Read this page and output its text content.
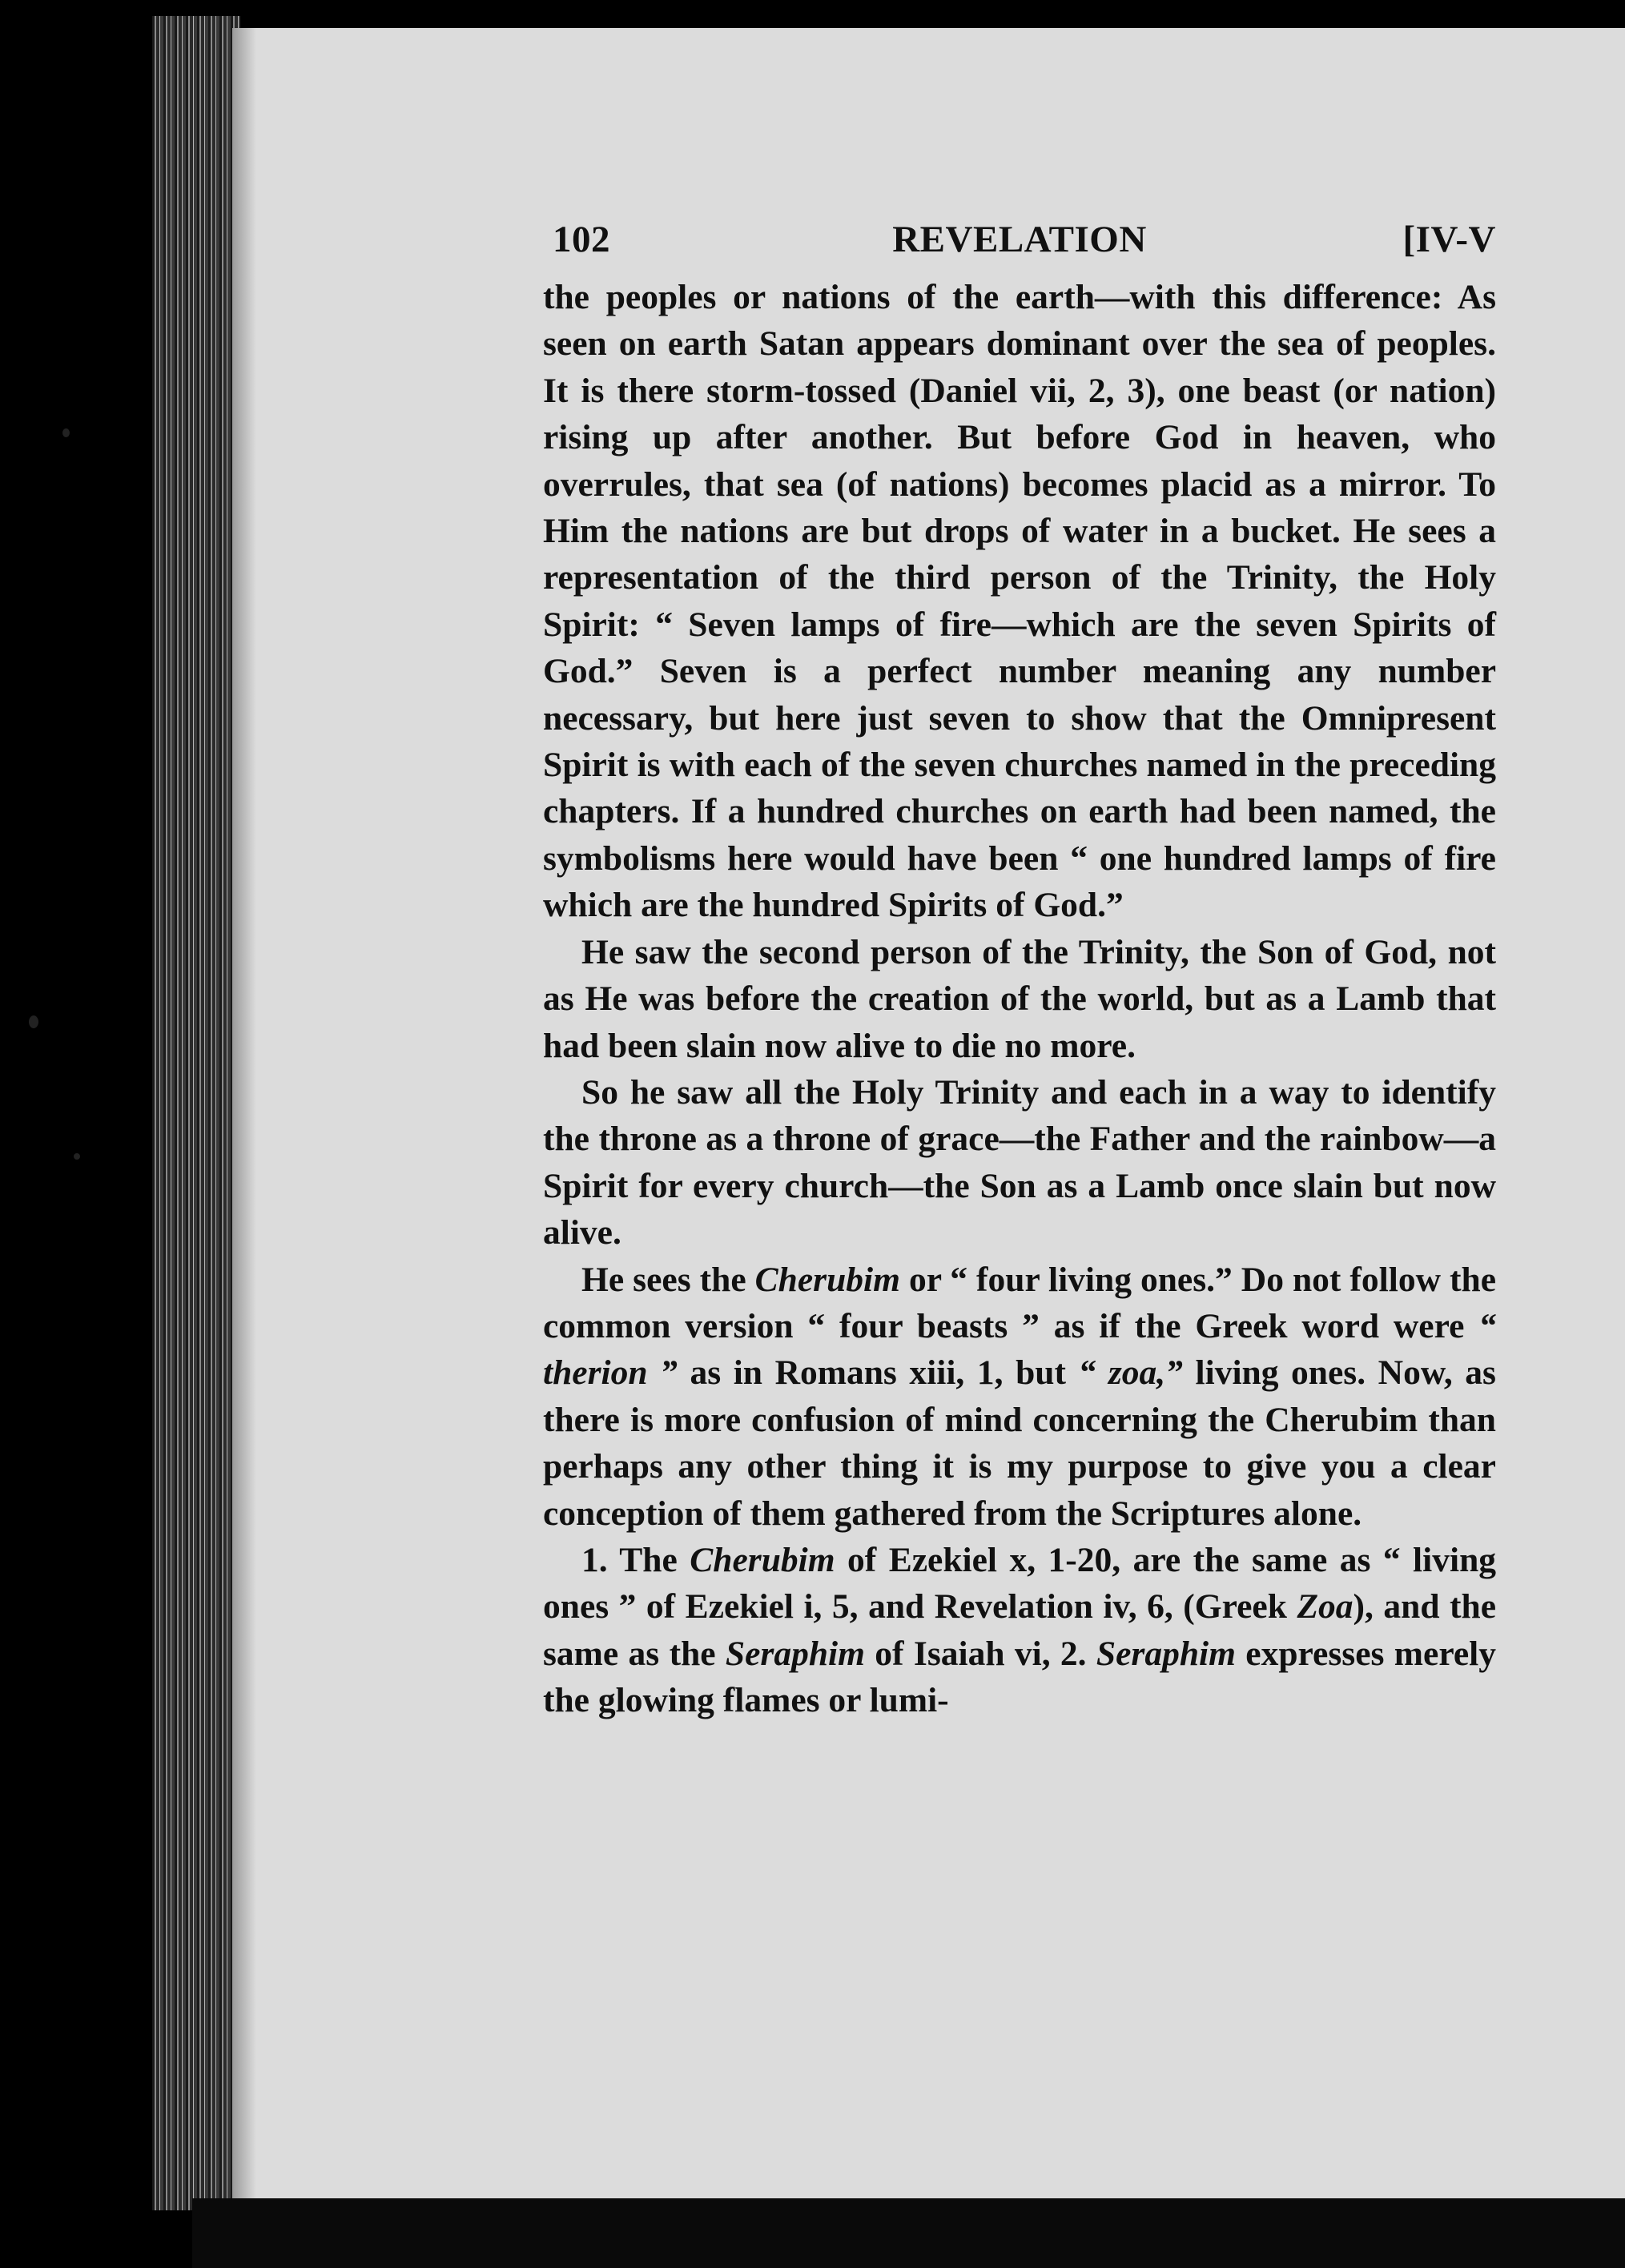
102	REVELATION	[IV-V

the peoples or nations of the earth—with this difference: As seen on earth Satan appears dominant over the sea of peoples. It is there storm-tossed (Daniel vii, 2, 3), one beast (or nation) rising up after another. But before God in heaven, who overrules, that sea (of nations) becomes placid as a mirror. To Him the nations are but drops of water in a bucket. He sees a representation of the third person of the Trinity, the Holy Spirit: “ Seven lamps of fire—which are the seven Spirits of God.” Seven is a perfect number meaning any number necessary, but here just seven to show that the Omnipresent Spirit is with each of the seven churches named in the preceding chapters. If a hundred churches on earth had been named, the symbolisms here would have been “ one hundred lamps of fire which are the hundred Spirits of God.”

He saw the second person of the Trinity, the Son of God, not as He was before the creation of the world, but as a Lamb that had been slain now alive to die no more.

So he saw all the Holy Trinity and each in a way to identify the throne as a throne of grace—the Father and the rainbow—a Spirit for every church—the Son as a Lamb once slain but now alive.

He sees the Cherubim or “ four living ones.” Do not follow the common version “ four beasts ” as if the Greek word were “ therion ” as in Romans xiii, 1, but “ zoa,” living ones. Now, as there is more confusion of mind concerning the Cherubim than perhaps any other thing it is my purpose to give you a clear conception of them gathered from the Scriptures alone.

1. The Cherubim of Ezekiel x, 1-20, are the same as “ living ones ” of Ezekiel i, 5, and Revelation iv, 6, (Greek Zoa), and the same as the Seraphim of Isaiah vi, 2. Seraphim expresses merely the glowing flames or lumi-
